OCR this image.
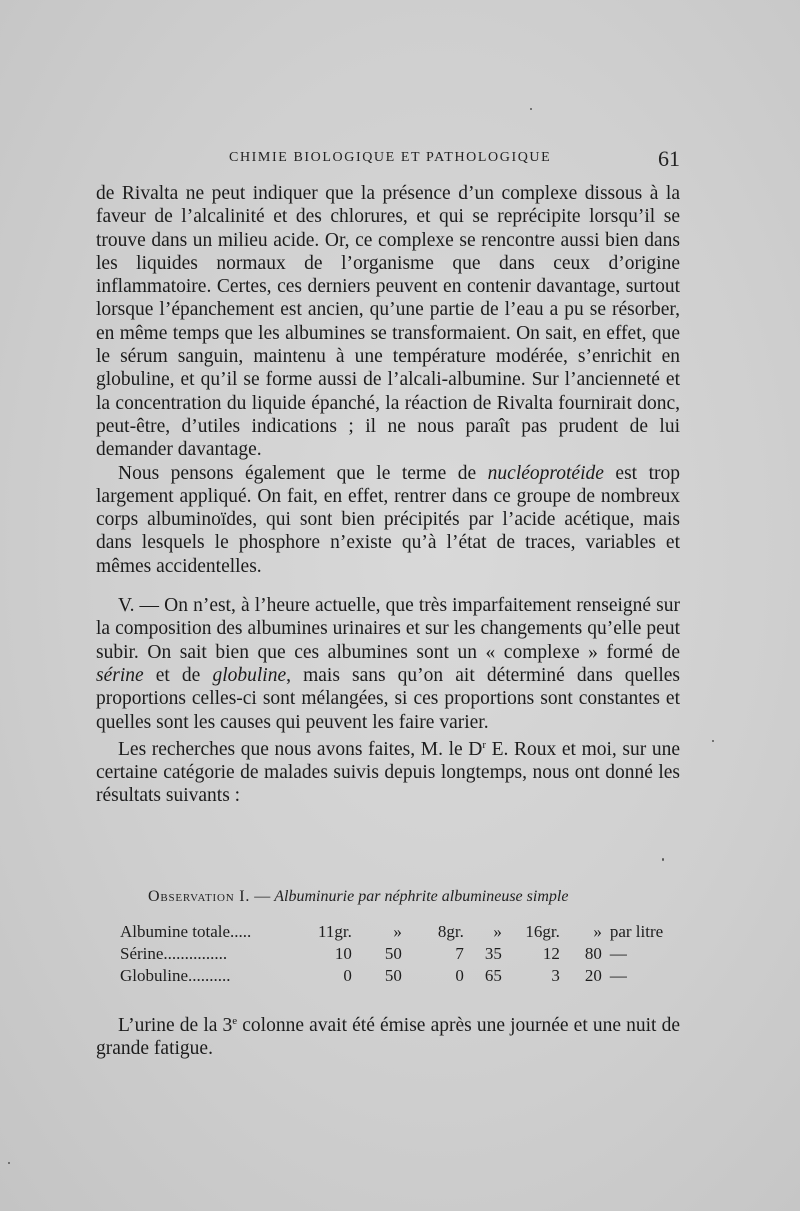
CHIMIE BIOLOGIQUE ET PATHOLOGIQUE	61

de Rivalta ne peut indiquer que la présence d’un complexe dissous à la faveur de l’alcalinité et des chlorures, et qui se reprécipite lorsqu’il se trouve dans un milieu acide. Or, ce complexe se rencontre aussi bien dans les liquides normaux de l’organisme que dans ceux d’origine inflammatoire. Certes, ces derniers peuvent en contenir davantage, surtout lorsque l’épanchement est ancien, qu’une partie de l’eau a pu se résorber, en même temps que les albumines se transformaient. On sait, en effet, que le sérum sanguin, maintenu à une température modérée, s’enrichit en globuline, et qu’il se forme aussi de l’alcali-albumine. Sur l’ancienneté et la concentration du liquide épanché, la réaction de Rivalta fournirait donc, peut-être, d’utiles indications ; il ne nous paraît pas prudent de lui demander davantage.

Nous pensons également que le terme de nucléoprotéide est trop largement appliqué. On fait, en effet, rentrer dans ce groupe de nombreux corps albuminoïdes, qui sont bien précipités par l’acide acétique, mais dans lesquels le phosphore n’existe qu’à l’état de traces, variables et mêmes accidentelles.

V. — On n’est, à l’heure actuelle, que très imparfaitement renseigné sur la composition des albumines urinaires et sur les changements qu’elle peut subir. On sait bien que ces albumines sont un « complexe » formé de sérine et de globuline, mais sans qu’on ait déterminé dans quelles proportions celles-ci sont mélangées, si ces proportions sont constantes et quelles sont les causes qui peuvent les faire varier.

Les recherches que nous avons faites, M. le $D^r$ E. Roux et moi, sur une certaine catégorie de malades suivis depuis longtemps, nous ont donné les résultats suivants :

Observation I. — Albuminurie par néphrite albumineuse simple
Albumine totale.....	11gr.	»	8gr.	»	16gr.	»	par litre
Sérine...............	10	50	7	35	12	80	—
Globuline..........	0	50	0	65	3	20	—

L’urine de la 3e colonne avait été émise après une journée et une nuit de grande fatigue.
